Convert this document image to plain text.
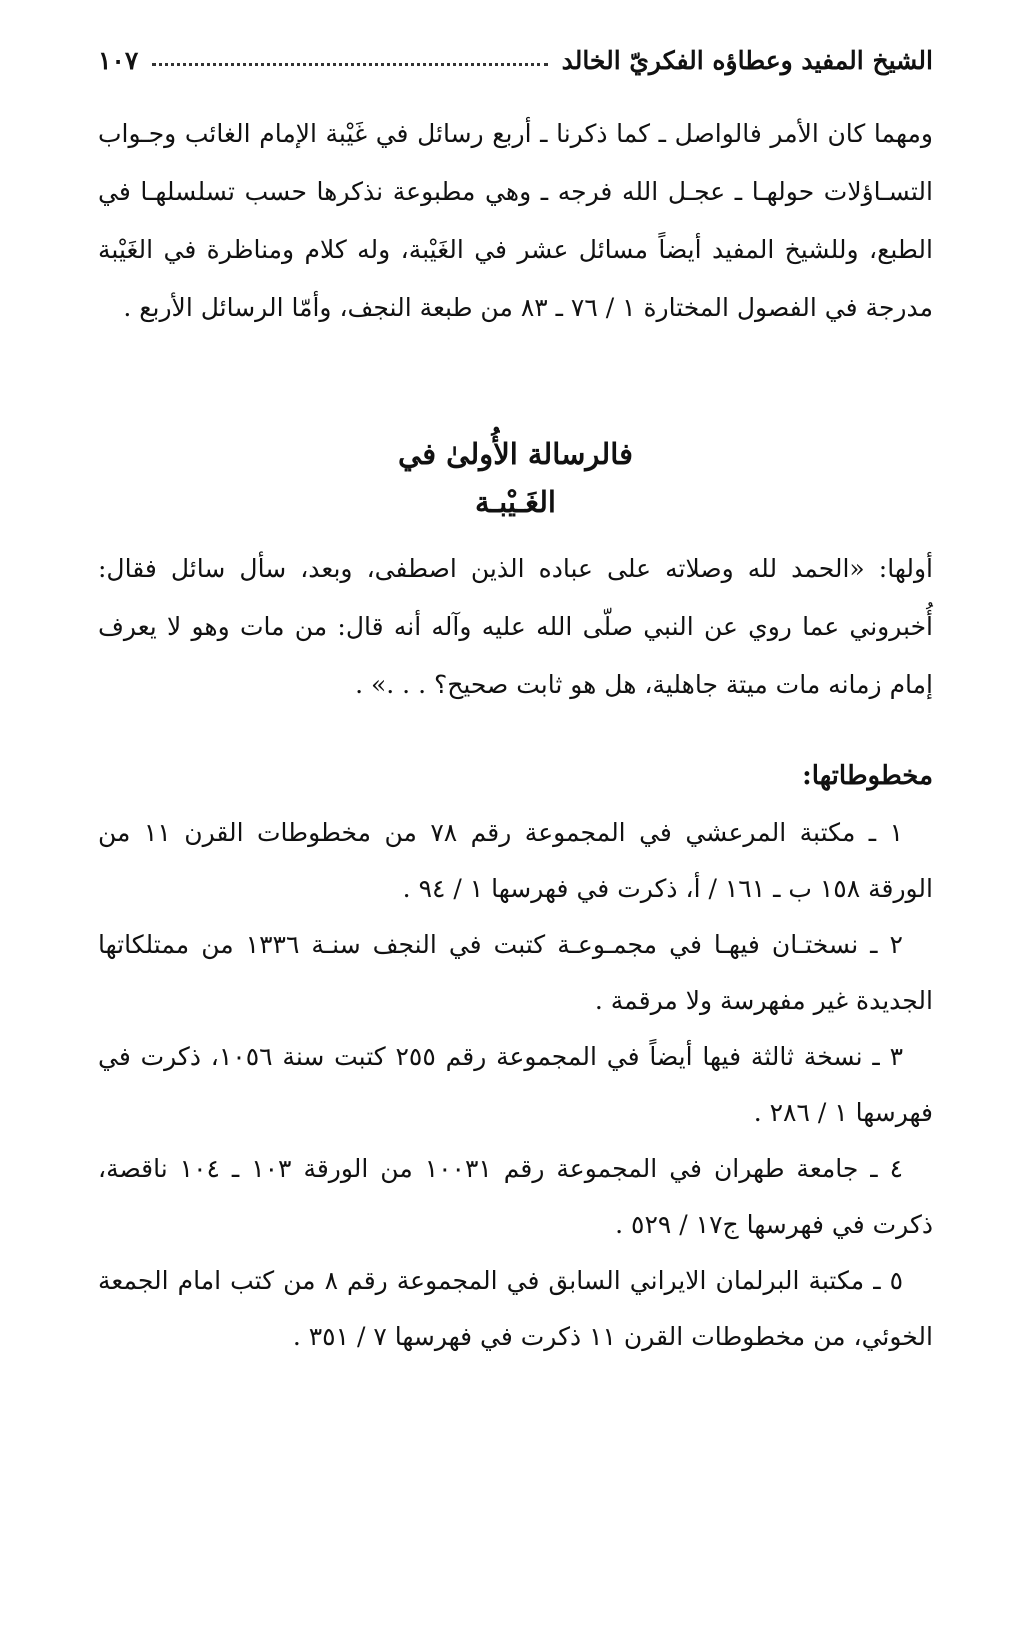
الشيخ المفيد وعطاؤه الفكريّ الخالد
١٠٧

ومهما كان الأمر فالواصل ـ كما ذكرنا ـ أربع رسائل في غَيْبة الإمام الغائب وجـواب التسـاؤلات حولهـا ـ عجـل الله فرجه ـ وهي مطبوعة نذكرها حسب تسلسلهـا في الطبع، وللشيخ المفيد أيضاً مسائل عشر في الغَيْبة، وله كلام ومناظرة في الغَيْبة مدرجة في الفصول المختارة ١ / ٧٦ ـ ٨٣ من طبعة النجف، وأمّا الرسائل الأربع .

فالرسالة الأُولىٰ في
الغَـيْبـة

أولها: «الحمد لله وصلاته على عباده الذين اصطفى، وبعد، سأل سائل فقال: أُخبروني عما روي عن النبي صلّى الله عليه وآله أنه قال: من مات وهو لا يعرف إمام زمانه مات ميتة جاهلية، هل هو ثابت صحيح؟ . . .» .

مخطوطاتها:

١ ـ مكتبة المرعشي في المجموعة رقم ٧٨ من مخطوطات القرن ١١ من الورقة ١٥٨ ب ـ ١٦١ / أ، ذكرت في فهرسها ١ / ٩٤ .

٢ ـ نسختـان فيهـا في مجمـوعـة كتبت في النجف سنـة ١٣٣٦ من ممتلكاتها الجديدة غير مفهرسة ولا مرقمة .

٣ ـ نسخة ثالثة فيها أيضاً في المجموعة رقم ٢٥٥ كتبت سنة ١٠٥٦، ذكرت في فهرسها ١ / ٢٨٦ .

٤ ـ جامعة طهران في المجموعة رقم ١٠٠٣١ من الورقة ١٠٣ ـ ١٠٤ ناقصة، ذكرت في فهرسها ج١٧ / ٥٢٩ .

٥ ـ مكتبة البرلمان الايراني السابق في المجموعة رقم ٨ من كتب امام الجمعة الخوئي، من مخطوطات القرن ١١ ذكرت في فهرسها ٧ / ٣٥١ .
